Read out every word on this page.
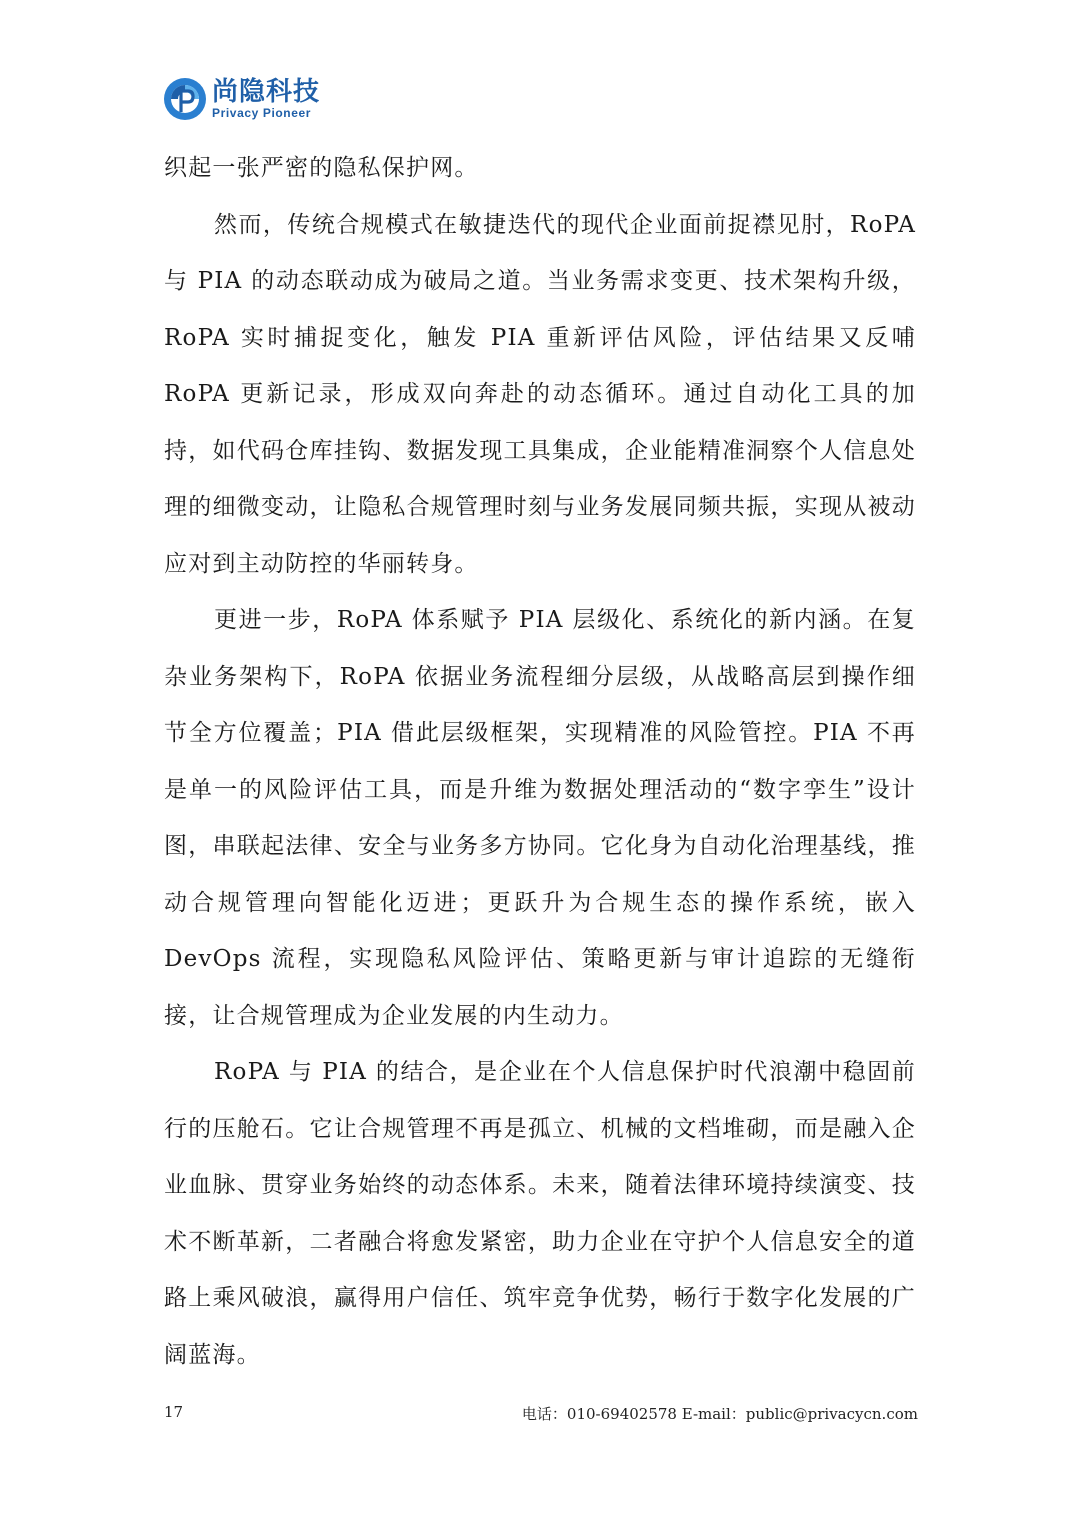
尚隐科技
Privacy Pioneer

织起一张严密的隐私保护网。

然而，传统合规模式在敏捷迭代的现代企业面前捉襟见肘，RoPA 与 PIA 的动态联动成为破局之道。当业务需求变更、技术架构升级，RoPA 实时捕捉变化，触发 PIA 重新评估风险，评估结果又反哺 RoPA 更新记录，形成双向奔赴的动态循环。通过自动化工具的加持，如代码仓库挂钩、数据发现工具集成，企业能精准洞察个人信息处理的细微变动，让隐私合规管理时刻与业务发展同频共振，实现从被动应对到主动防控的华丽转身。

更进一步，RoPA 体系赋予 PIA 层级化、系统化的新内涵。在复杂业务架构下，RoPA 依据业务流程细分层级，从战略高层到操作细节全方位覆盖；PIA 借此层级框架，实现精准的风险管控。PIA 不再是单一的风险评估工具，而是升维为数据处理活动的“数字孪生”设计图，串联起法律、安全与业务多方协同。它化身为自动化治理基线，推动合规管理向智能化迈进；更跃升为合规生态的操作系统，嵌入 DevOps 流程，实现隐私风险评估、策略更新与审计追踪的无缝衔接，让合规管理成为企业发展的内生动力。

RoPA 与 PIA 的结合，是企业在个人信息保护时代浪潮中稳固前行的压舱石。它让合规管理不再是孤立、机械的文档堆砌，而是融入企业血脉、贯穿业务始终的动态体系。未来，随着法律环境持续演变、技术不断革新，二者融合将愈发紧密，助力企业在守护个人信息安全的道路上乘风破浪，赢得用户信任、筑牢竞争优势，畅行于数字化发展的广阔蓝海。

17	电话：010-69402578 E-mail：public@privacycn.com
